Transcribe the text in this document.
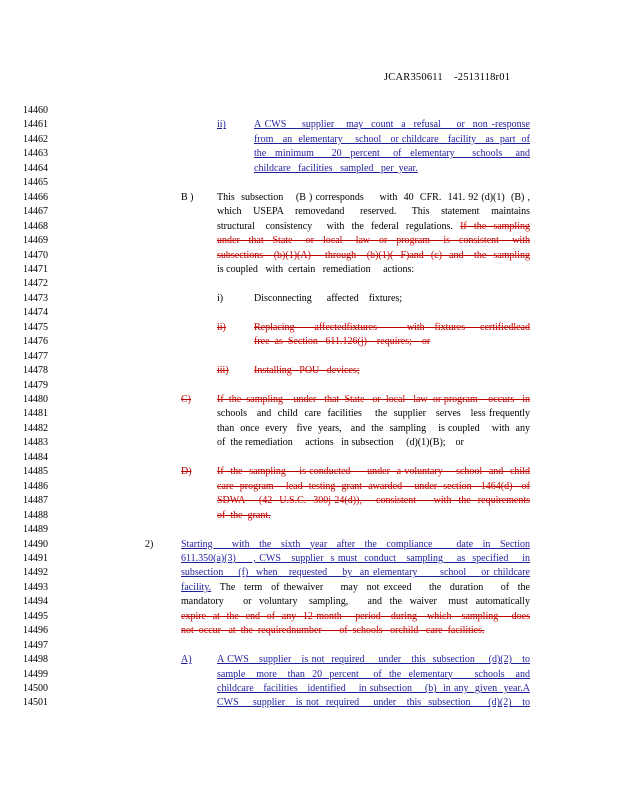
JCAR350611    -2513118r01
14460
14461	ii)	A CWS    supplier   may  count  a  refusal    or  non -response
14462	from   an  elementary    school   or childcare   facility   as  part  of
14463	the  minimum    20  percent   of  elementary    schools   and
14464	childcare   facilities   sampled   per  year.
14465
14466	B ) This  subsection    (B ) corresponds     with  40  CFR.  141. 92 (d)(1)  (B) ,
14467	which   USEPA   removedand    reserved.    This   statement   maintains
14468	structural   consistency    with  the  federal  regulations.  If  the  sampling
14469	under  that  State   or  local   law  or  program   is  consistent   with
14470	subsections   (b)(1)(A)    through   (b)(1)(  F)and  (c)  and   the  sampling
14471	is coupled   with  certain   remediation     actions:
14472
14473	i)	Disconnecting      affected    fixtures;
14474
14475	ii)	Replacing    affectedfixtures      with  fixtures   certifiedlead
14476	free  as  Section   611.126(j)    requires;    or
14477
14478	iii)	Installing   POU   devices;
14479
14480	C)	If  the  sampling    under   that  State   or  local   law  or program    occurs   in
14481	schools   and  child  care  facilities    the  supplier   serves   less frequently
14482	than  once  every   five  years,   and  the  sampling    is coupled    with  any
14483	of  the remediation     actions   in subsection     (d)(1)(B);    or
14484
14485	D)	If  the  sampling    is conducted     under  a voluntary    school  and  child
14486	care  program    lead  testing  grant  awarded    under  section   1464(d)   of
14487	SDWA    (42  U.S.C.  300j-24(d)),    consistent     with  the  requirements
14488	of  the  grant.
14489
14490	2)	Starting    with  the  sixth  year  after  the  compliance     date  in  Section
14491	611.350(a)(3)     , CWS   supplier  s must  conduct   sampling    as  specified    in
14492	subsection    (f)  when   requested    by  an elementary      school    or childcare
14493	facility.  The  term  of thewaiver    may  not exceed    the  duration    of  the
14494	mandatory     or  voluntary   sampling,     and  the  waiver   must  automatically
14495	expire  at  the  end  of  any  12-month    period   during   which   sampling    does
14496	not  occur   at  the  requirednumber       of  schools   orchild   care  facilities.
14497
14498	A)	A CWS   supplier   is not  required    under   this  subsection    (d)(2)   to
14499	sample   more   than  20  percent    of  the  elementary      schools   and
14500	childcare   facilities   identified    in subsection    (b)  in any  given  year.A
14501	CWS    supplier   is not  required    under   this  subsection     (d)(2)   to
